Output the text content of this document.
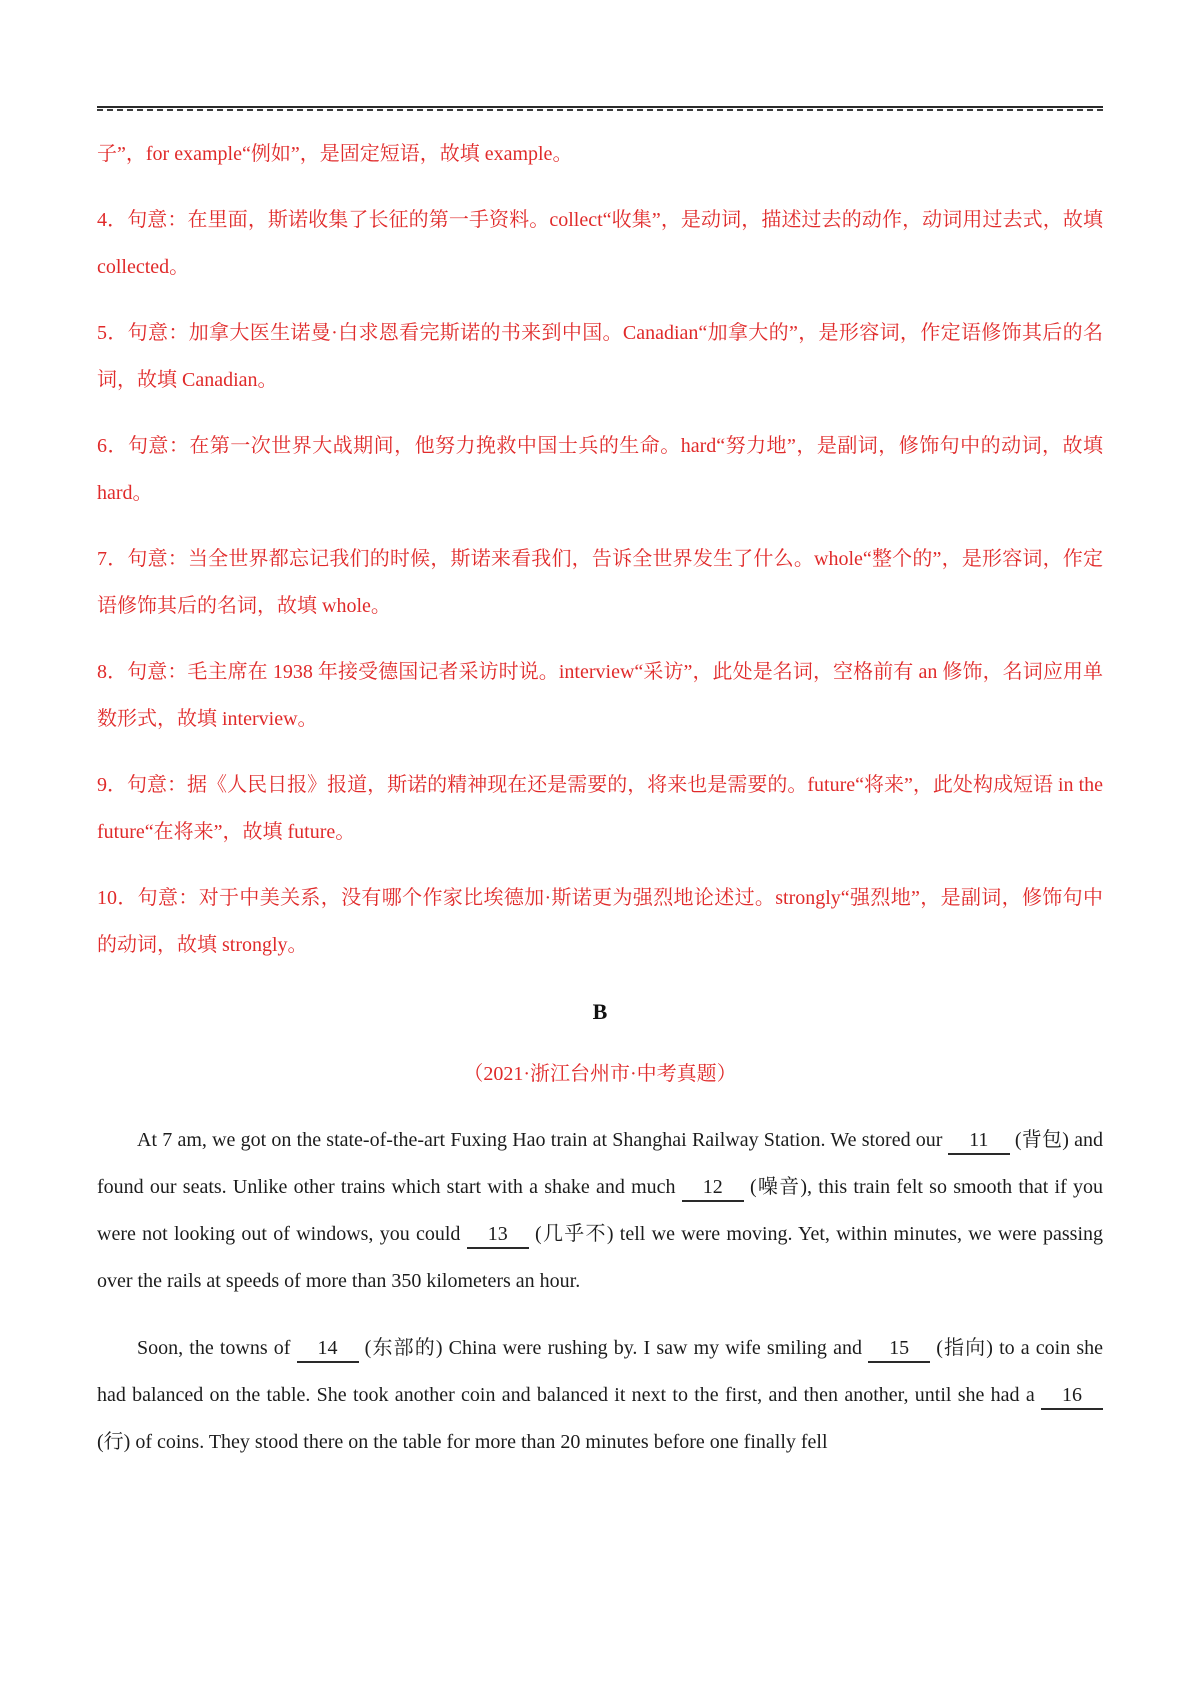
子”，for example“例如”，是固定短语，故填 example。

4．句意：在里面，斯诺收集了长征的第一手资料。collect“收集”，是动词，描述过去的动作，动词用过去式，故填 collected。

5．句意：加拿大医生诺曼·白求恩看完斯诺的书来到中国。Canadian“加拿大的”，是形容词，作定语修饰其后的名词，故填 Canadian。

6．句意：在第一次世界大战期间，他努力挽救中国士兵的生命。hard“努力地”，是副词，修饰句中的动词，故填 hard。

7．句意：当全世界都忘记我们的时候，斯诺来看我们，告诉全世界发生了什么。whole“整个的”，是形容词，作定语修饰其后的名词，故填 whole。

8．句意：毛主席在 1938 年接受德国记者采访时说。interview“采访”，此处是名词，空格前有 an 修饰，名词应用单数形式，故填 interview。

9．句意：据《人民日报》报道，斯诺的精神现在还是需要的，将来也是需要的。future“将来”，此处构成短语 in the future“在将来”，故填 future。

10．句意：对于中美关系，没有哪个作家比埃德加·斯诺更为强烈地论述过。strongly“强烈地”，是副词，修饰句中的动词，故填 strongly。

B

（2021·浙江台州市·中考真题）

At 7 am, we got on the state-of-the-art Fuxing Hao train at Shanghai Railway Station. We stored our 11 (背包) and found our seats. Unlike other trains which start with a shake and much 12 (噪音), this train felt so smooth that if you were not looking out of windows, you could 13 (几乎不) tell we were moving. Yet, within minutes, we were passing over the rails at speeds of more than 350 kilometers an hour.

Soon, the towns of 14 (东部的) China were rushing by. I saw my wife smiling and 15 (指向) to a coin she had balanced on the table. She took another coin and balanced it next to the first, and then another, until she had a 16 (行) of coins. They stood there on the table for more than 20 minutes before one finally fell
